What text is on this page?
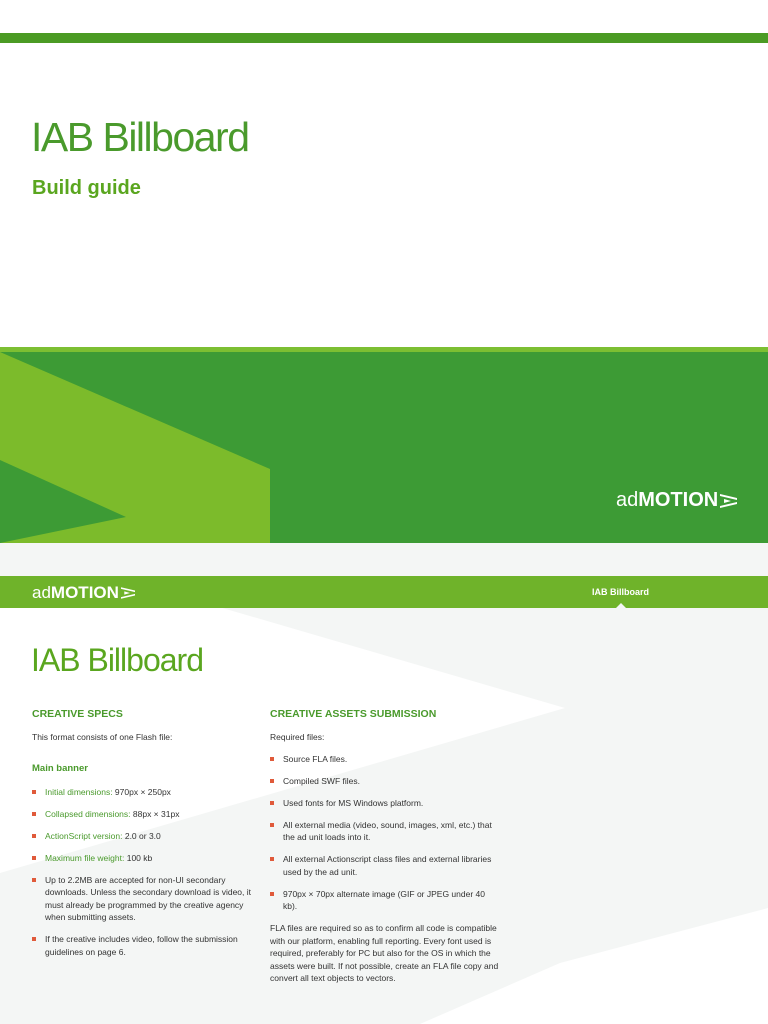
IAB Billboard
Build guide
ad MOTION
ad MOTION	IAB Billboard
IAB Billboard
CREATIVE SPECS

This format consists of one Flash file:

Main banner

Initial dimensions: 970px × 250px
Collapsed dimensions: 88px × 31px
ActionScript version: 2.0 or 3.0
Maximum file weight: 100 kb
Up to 2.2MB are accepted for non-UI secondary downloads. Unless the secondary download is video, it must already be programmed by the creative agency when submitting assets.
If the creative includes video, follow the submission guidelines on page 6.
CREATIVE ASSETS SUBMISSION

Required files:

Source FLA files.
Compiled SWF files.
Used fonts for MS Windows platform.
All external media (video, sound, images, xml, etc.) that the ad unit loads into it.
All external Actionscript class files and external libraries used by the ad unit.
970px × 70px alternate image (GIF or JPEG under 40 kb).

FLA files are required so as to confirm all code is compatible with our platform, enabling full reporting. Every font used is required, preferably for PC but also for the OS in which the assets were built. If not possible, create an FLA file copy and convert all text objects to vectors.
